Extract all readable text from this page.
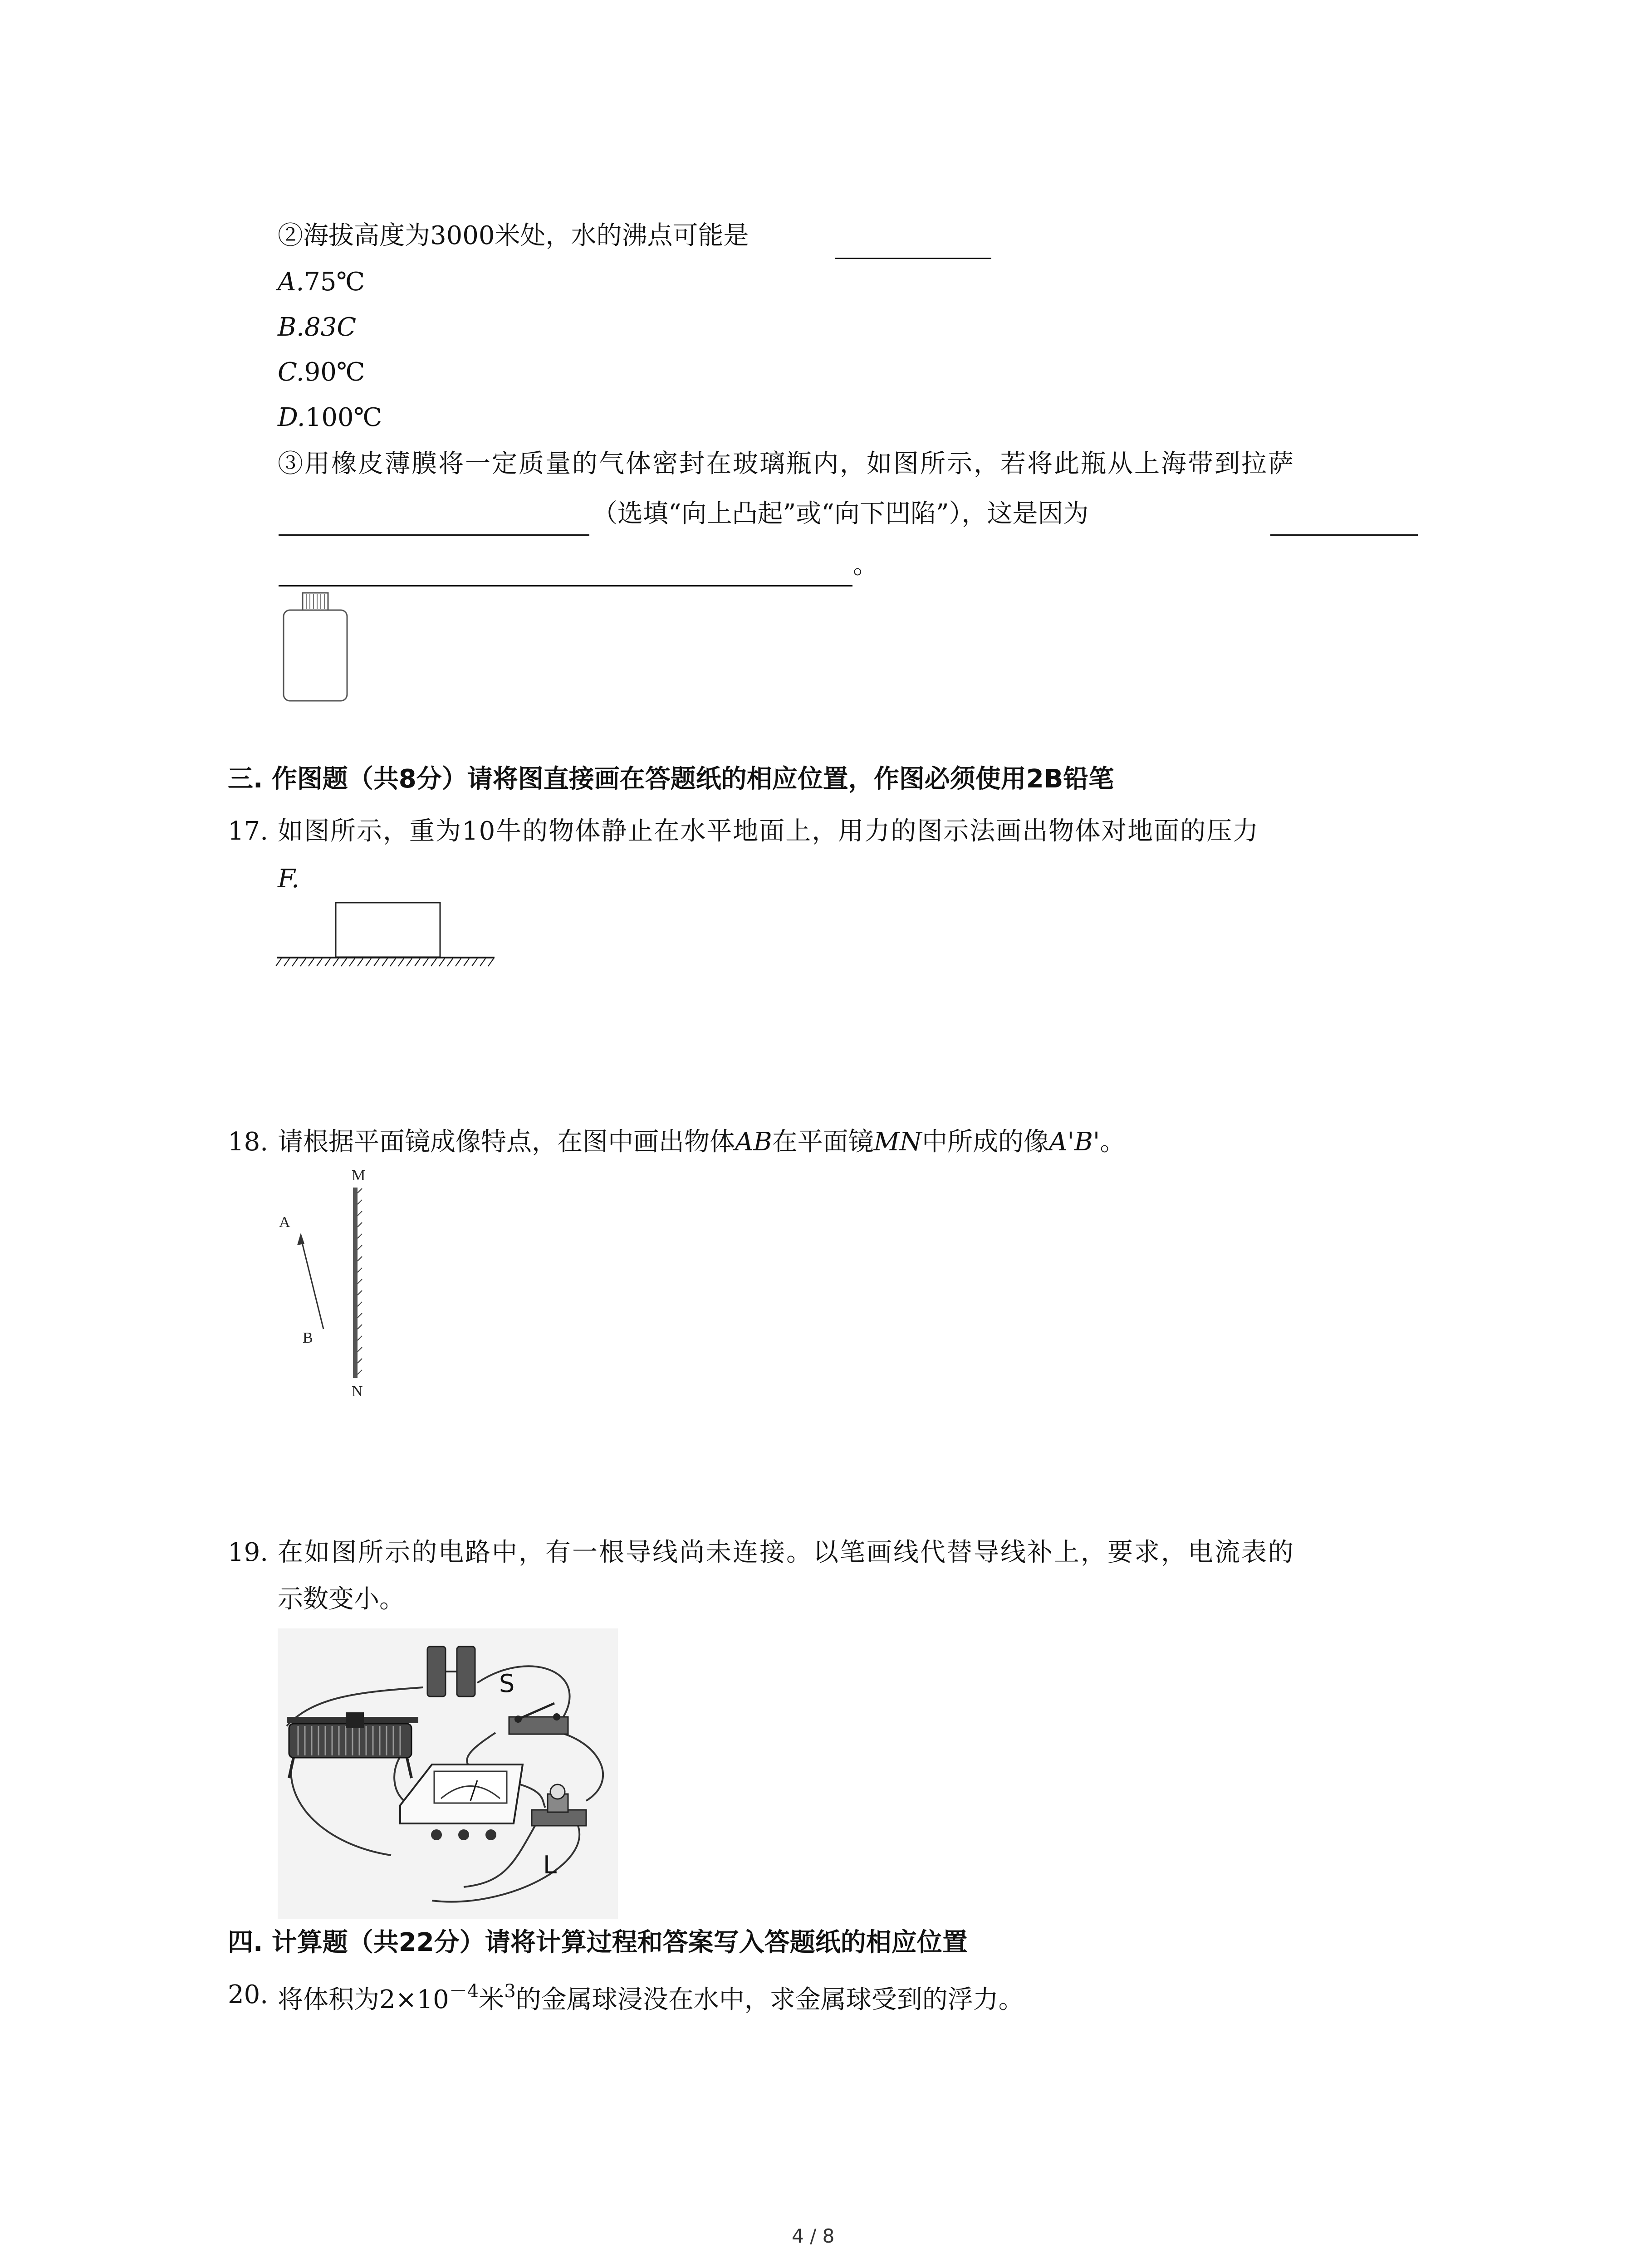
②海拔高度为3000米处，水的沸点可能是
A.75℃
B.83C
C.90℃
D.100℃
③用橡皮薄膜将一定质量的气体密封在玻璃瓶内，如图所示，若将此瓶从上海带到拉萨
（选填“向上凸起”或“向下凹陷”），这是因为
。
三. 作图题（共8分）请将图直接画在答题纸的相应位置，作图必须使用2B铅笔
17. 如图所示，重为10牛的物体静止在水平地面上，用力的图示法画出物体对地面的压力
F.
18. 请根据平面镜成像特点，在图中画出物体AB在平面镜MN中所成的像A'B'。
M
N
A
B
19. 在如图所示的电路中，有一根导线尚未连接。以笔画线代替导线补上，要求，电流表的
示数变小。
S
L
四. 计算题（共22分）请将计算过程和答案写入答题纸的相应位置
20. 将体积为$2\times 10^{-4}$米$^3$的金属球浸没在水中，求金属球受到的浮力。
4 / 8
